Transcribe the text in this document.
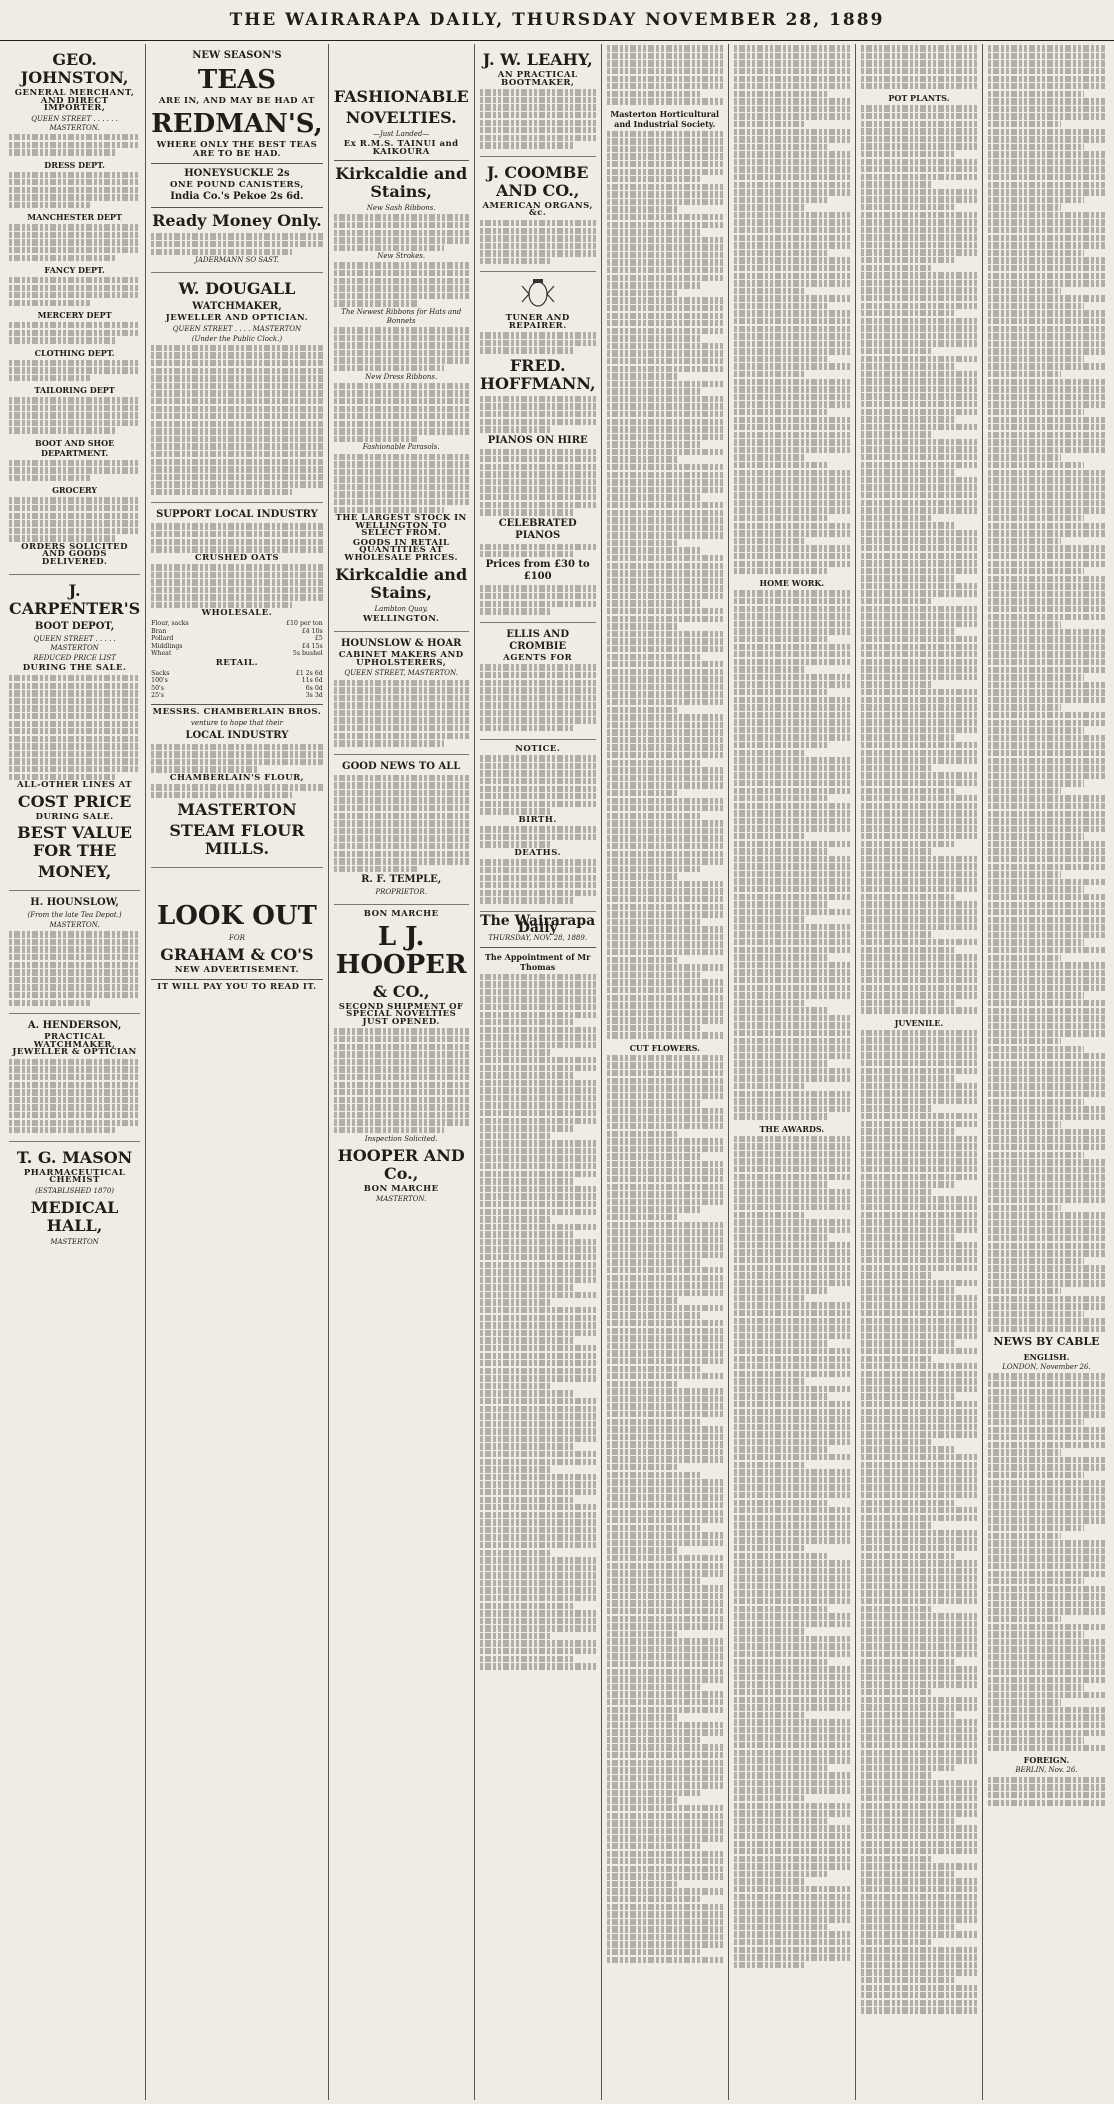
THE WAIRARAPA DAILY, THURSDAY NOVEMBER 28, 1889
GEO. JOHNSTON,
GENERAL MERCHANT, AND DIRECT IMPORTER,
QUEEN STREET . . . . . . MASTERTON.
DRESS DEPT.
MANCHESTER DEPT
FANCY DEPT.
MERCERY DEPT
CLOTHING DEPT.
TAILORING DEPT
BOOT AND SHOE DEPARTMENT.
GROCERY
ORDERS SOLICITED AND GOODS DELIVERED.
J. CARPENTER'S
BOOT DEPOT,
QUEEN STREET . . . . . MASTERTON
REDUCED PRICE LIST
DURING THE SALE.
ALL-OTHER LINES AT
COST PRICE
DURING SALE.
BEST VALUE FOR THE
MONEY,
H. HOUNSLOW,
(From the late Tea Depot.)
MASTERTON.
A. HENDERSON,
PRACTICAL WATCHMAKER, JEWELLER & OPTICIAN
T. G. MASON
PHARMACEUTICAL CHEMIST
(ESTABLISHED 1870)
MEDICAL HALL,
MASTERTON
NEW SEASON'S
TEAS
ARE IN, AND MAY BE HAD AT
REDMAN'S,
WHERE ONLY THE BEST TEAS
ARE TO BE HAD.
HONEYSUCKLE 2s
ONE POUND CANISTERS,
India Co.'s Pekoe 2s 6d.
Ready Money Only.
JADERMANN SO SAST.
W. DOUGALL
WATCHMAKER,
JEWELLER AND OPTICIAN.
QUEEN STREET . . . . MASTERTON
(Under the Public Clock.)
SUPPORT LOCAL INDUSTRY
CRUSHED OATS
WHOLESALE.
Flour, sacks	£10 per ton
Bran	£4 10s
Pollard	£5
Middlings	£4 15s
Wheat	5s bushel
RETAIL.
Sacks	£1 2s 6d
100's	11s 6d
50's	6s 0d
25's	3s 3d
MESSRS. CHAMBERLAIN BROS.
venture to hope that their
LOCAL INDUSTRY
CHAMBERLAIN'S FLOUR,
MASTERTON
STEAM FLOUR MILLS.
LOOK OUT
FOR
GRAHAM & CO'S
NEW ADVERTISEMENT.
IT WILL PAY YOU TO READ IT.
FASHIONABLE
NOVELTIES.
—Just Landed—
Ex R.M.S. TAINUI and KAIKOURA
Kirkcaldie and Stains,
New Sash Ribbons.
New Strokes.
The Newest Ribbons for Hats and Bonnets
New Dress Ribbons.
Fashionable Parasols.
THE LARGEST STOCK IN WELLINGTON TO SELECT FROM.
GOODS IN RETAIL QUANTITIES AT WHOLESALE PRICES.
Kirkcaldie and Stains,
Lambton Quay,
WELLINGTON.
HOUNSLOW & HOAR
CABINET MAKERS AND UPHOLSTERERS,
QUEEN STREET, MASTERTON.
GOOD NEWS TO ALL
R. F. TEMPLE,
PROPRIETOR.
BON MARCHE
L J. HOOPER
& CO.,
SECOND SHIPMENT OF SPECIAL NOVELTIES JUST OPENED.
Inspection Solicited.
HOOPER AND Co.,
BON MARCHE
MASTERTON.
J. W. LEAHY,
AN PRACTICAL BOOTMAKER,
J. COOMBE AND CO.,
AMERICAN ORGANS, &c.
TUNER AND REPAIRER.
FRED. HOFFMANN,
PIANOS ON HIRE
CELEBRATED PIANOS
Prices from £30 to £100
ELLIS AND CROMBIE
AGENTS FOR
NOTICE.
BIRTH.
DEATHS.
The Wairarapa Daily
THURSDAY, NOV. 28, 1889.
The Appointment of Mr Thomas
Masterton Horticultural and Industrial Society.
CUT FLOWERS.
HOME WORK.
THE AWARDS.
POT PLANTS.
JUVENILE.
NEWS BY CABLE
ENGLISH.
LONDON, November 26.
FOREIGN.
BERLIN, Nov. 26.
